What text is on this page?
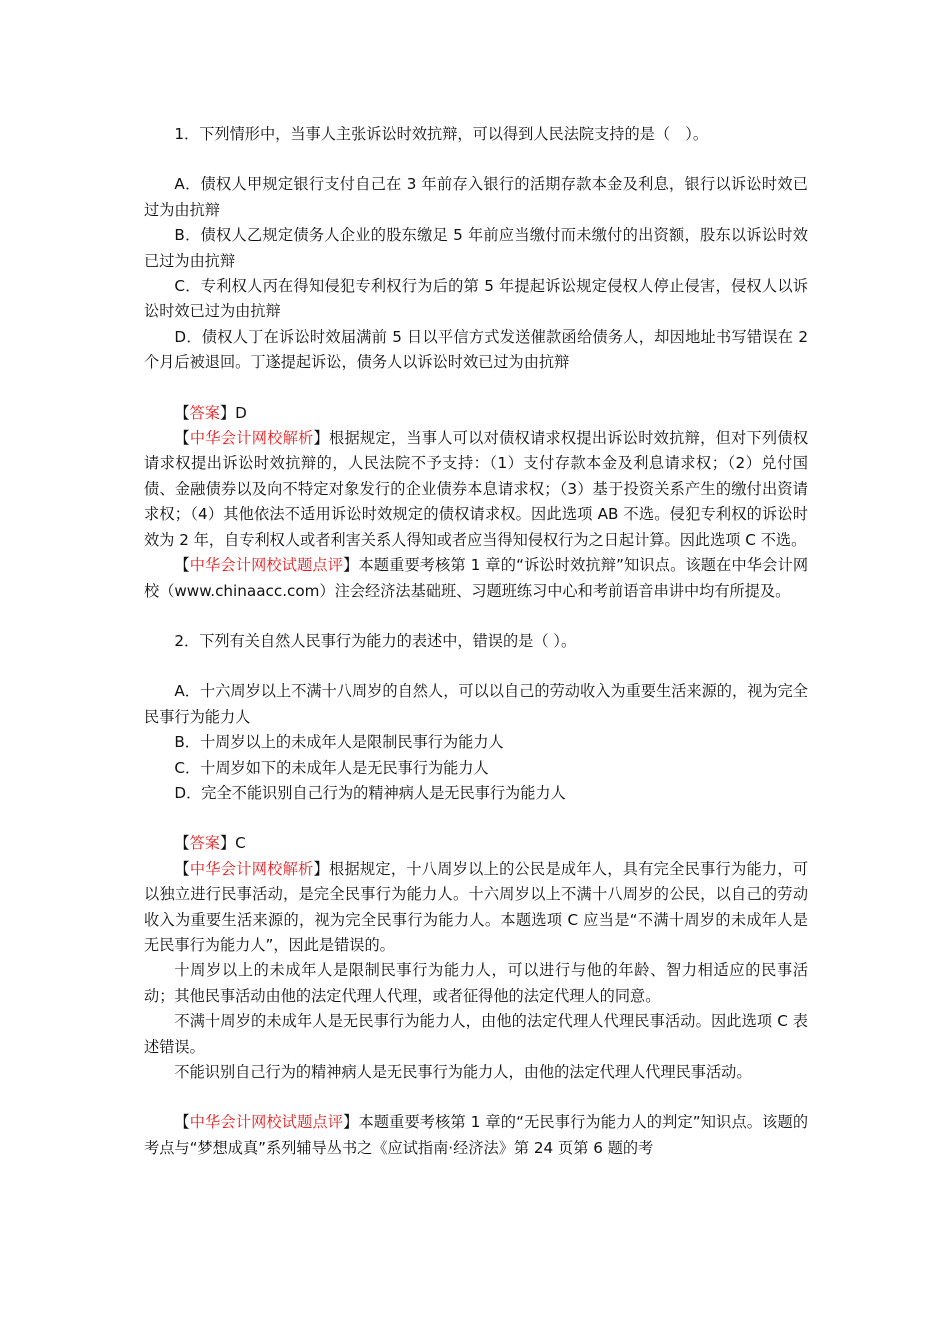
1．下列情形中，当事人主张诉讼时效抗辩，可以得到人民法院支持的是（　）。

A．债权人甲规定银行支付自己在 3 年前存入银行的活期存款本金及利息，银行以诉讼时效已过为由抗辩

B．债权人乙规定债务人企业的股东缴足 5 年前应当缴付而未缴付的出资额，股东以诉讼时效已过为由抗辩

C．专利权人丙在得知侵犯专利权行为后的第 5 年提起诉讼规定侵权人停止侵害，侵权人以诉讼时效已过为由抗辩

D．债权人丁在诉讼时效届满前 5 日以平信方式发送催款函给债务人，却因地址书写错误在 2 个月后被退回。丁遂提起诉讼，债务人以诉讼时效已过为由抗辩

【答案】D

【中华会计网校解析】根据规定，当事人可以对债权请求权提出诉讼时效抗辩，但对下列债权请求权提出诉讼时效抗辩的，人民法院不予支持：（1）支付存款本金及利息请求权；（2）兑付国债、金融债券以及向不特定对象发行的企业债券本息请求权；（3）基于投资关系产生的缴付出资请求权；（4）其他依法不适用诉讼时效规定的债权请求权。因此选项 AB 不选。侵犯专利权的诉讼时效为 2 年，自专利权人或者利害关系人得知或者应当得知侵权行为之日起计算。因此选项 C 不选。

【中华会计网校试题点评】本题重要考核第 1 章的“诉讼时效抗辩”知识点。该题在中华会计网校（www.chinaacc.com）注会经济法基础班、习题班练习中心和考前语音串讲中均有所提及。

2．下列有关自然人民事行为能力的表述中，错误的是（ ）。

A．十六周岁以上不满十八周岁的自然人，可以以自己的劳动收入为重要生活来源的，视为完全民事行为能力人

B．十周岁以上的未成年人是限制民事行为能力人

C．十周岁如下的未成年人是无民事行为能力人

D．完全不能识别自己行为的精神病人是无民事行为能力人

【答案】C

【中华会计网校解析】根据规定，十八周岁以上的公民是成年人，具有完全民事行为能力，可以独立进行民事活动，是完全民事行为能力人。十六周岁以上不满十八周岁的公民，以自己的劳动收入为重要生活来源的，视为完全民事行为能力人。本题选项 C 应当是“不满十周岁的未成年人是无民事行为能力人”，因此是错误的。

十周岁以上的未成年人是限制民事行为能力人，可以进行与他的年龄、智力相适应的民事活动；其他民事活动由他的法定代理人代理，或者征得他的法定代理人的同意。

不满十周岁的未成年人是无民事行为能力人，由他的法定代理人代理民事活动。因此选项 C 表述错误。

不能识别自己行为的精神病人是无民事行为能力人，由他的法定代理人代理民事活动。

【中华会计网校试题点评】本题重要考核第 1 章的“无民事行为能力人的判定”知识点。该题的考点与“梦想成真”系列辅导丛书之《应试指南·经济法》第 24 页第 6 题的考
